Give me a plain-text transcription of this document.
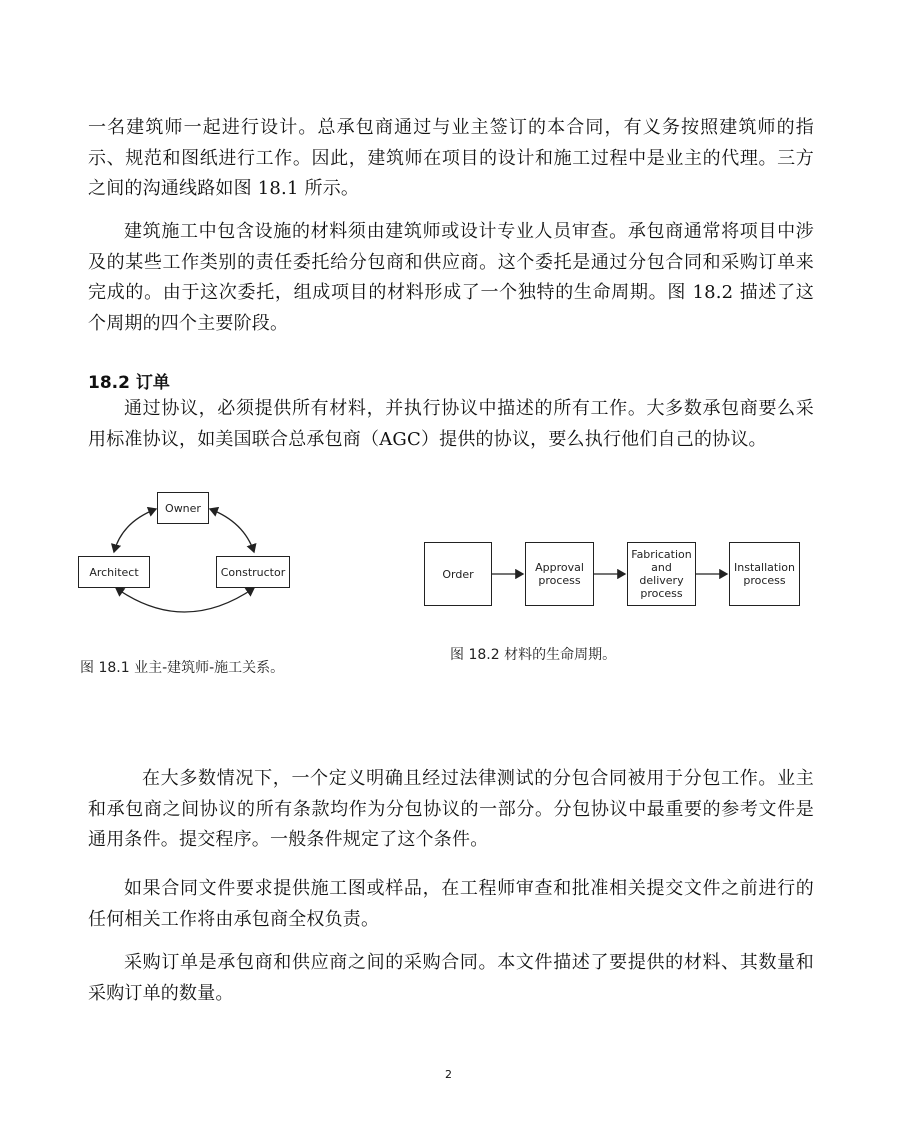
一名建筑师一起进行设计。总承包商通过与业主签订的本合同，有义务按照建筑师的指示、规范和图纸进行工作。因此，建筑师在项目的设计和施工过程中是业主的代理。三方之间的沟通线路如图 18.1 所示。

建筑施工中包含设施的材料须由建筑师或设计专业人员审查。承包商通常将项目中涉及的某些工作类别的责任委托给分包商和供应商。这个委托是通过分包合同和采购订单来完成的。由于这次委托，组成项目的材料形成了一个独特的生命周期。图 18.2 描述了这个周期的四个主要阶段。

18.2 订单

通过协议，必须提供所有材料，并执行协议中描述的所有工作。大多数承包商要么采用标准协议，如美国联合总承包商（AGC）提供的协议，要么执行他们自己的协议。

Owner
Architect	Constructor
图 18.1 业主-建筑师-施工关系。
Order	Approval
process
Fabrication
and
delivery
process
Installation
process
图 18.2 材料的生命周期。

在大多数情况下，一个定义明确且经过法律测试的分包合同被用于分包工作。业主和承包商之间协议的所有条款均作为分包协议的一部分。分包协议中最重要的参考文件是通用条件。提交程序。一般条件规定了这个条件。

如果合同文件要求提供施工图或样品，在工程师审查和批准相关提交文件之前进行的任何相关工作将由承包商全权负责。

采购订单是承包商和供应商之间的采购合同。本文件描述了要提供的材料、其数量和采购订单的数量。

2
